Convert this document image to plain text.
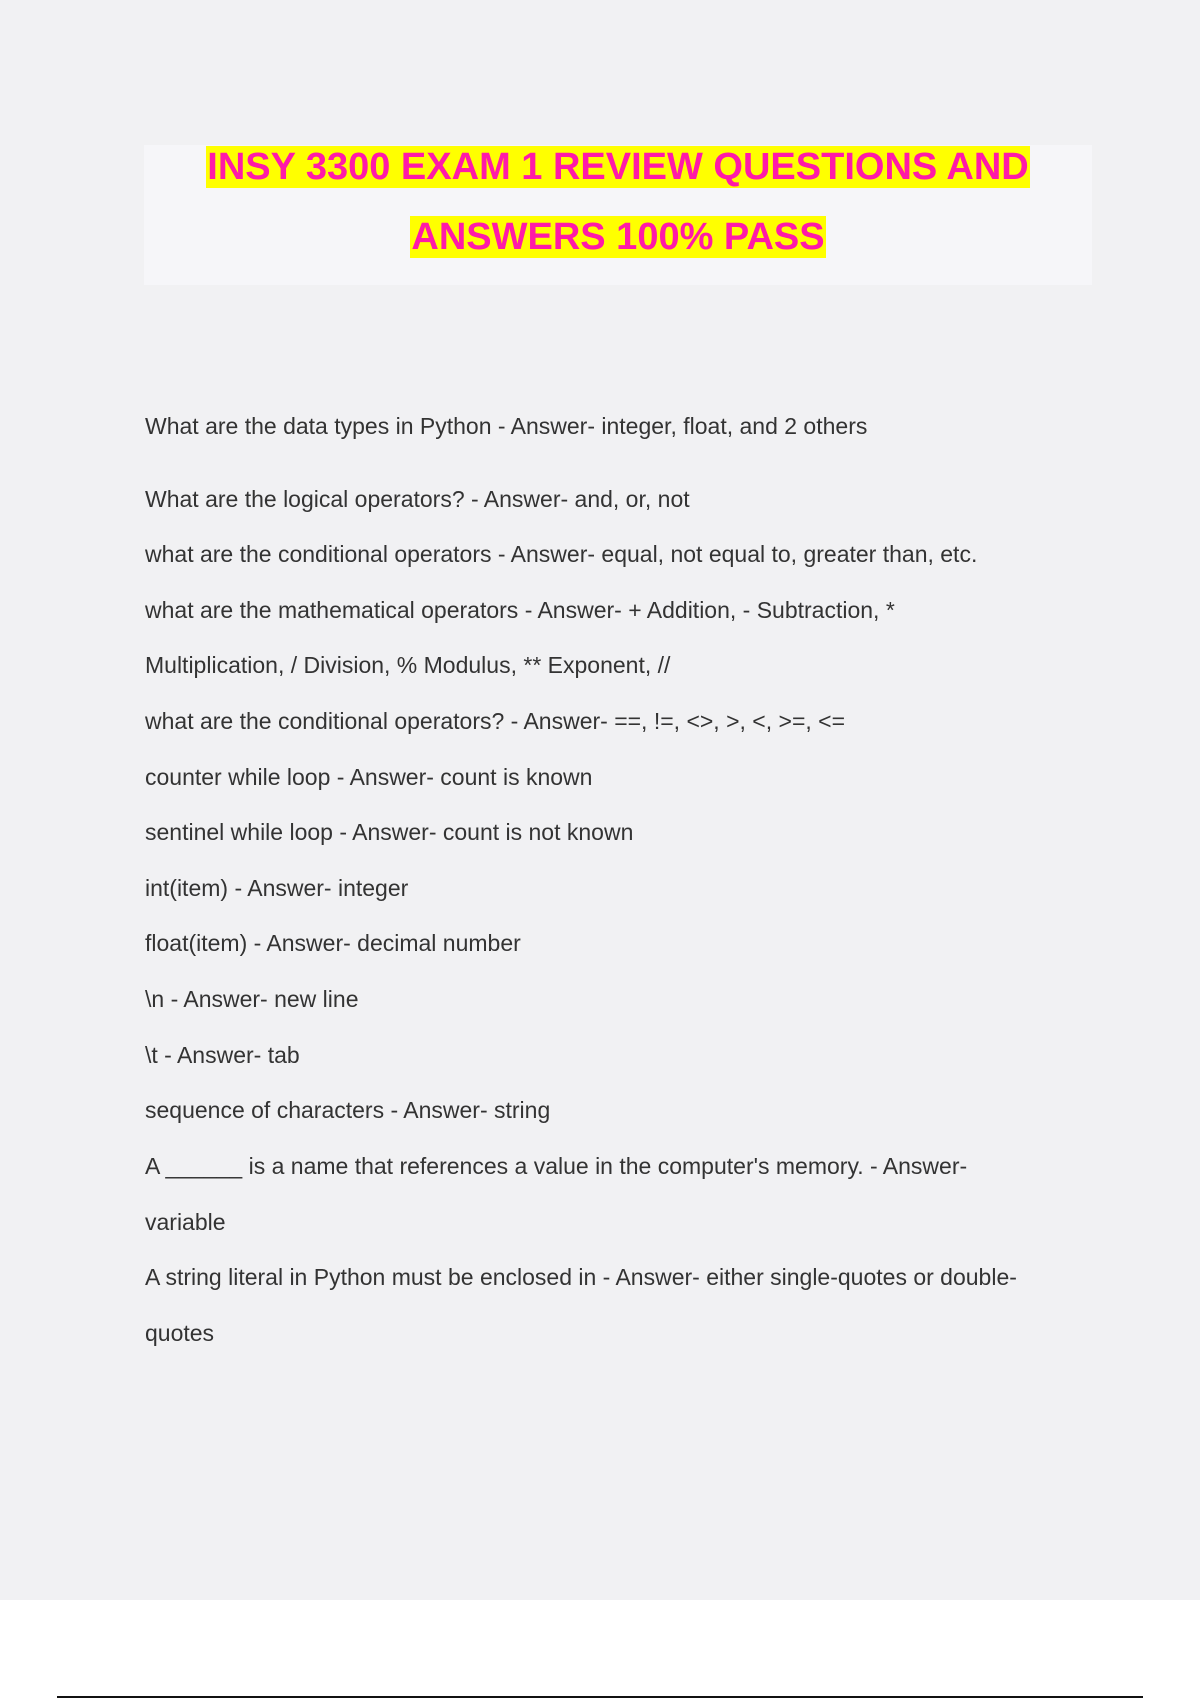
INSY 3300 EXAM 1 REVIEW QUESTIONS AND
ANSWERS 100% PASS
What are the data types in Python - Answer- integer, float, and 2 others
What are the logical operators? - Answer- and, or, not
what are the conditional operators - Answer- equal, not equal to, greater than, etc.
what are the mathematical operators - Answer- + Addition, - Subtraction, *
Multiplication, / Division, % Modulus, ** Exponent, //
what are the conditional operators? - Answer- ==, !=, <>, >, <, >=, <=
counter while loop - Answer- count is known
sentinel while loop - Answer- count is not known
int(item) - Answer- integer
float(item) - Answer- decimal number
\n - Answer- new line
\t - Answer- tab
sequence of characters - Answer- string
A ______ is a name that references a value in the computer's memory. - Answer-
variable
A string literal in Python must be enclosed in - Answer- either single-quotes or double-
quotes
